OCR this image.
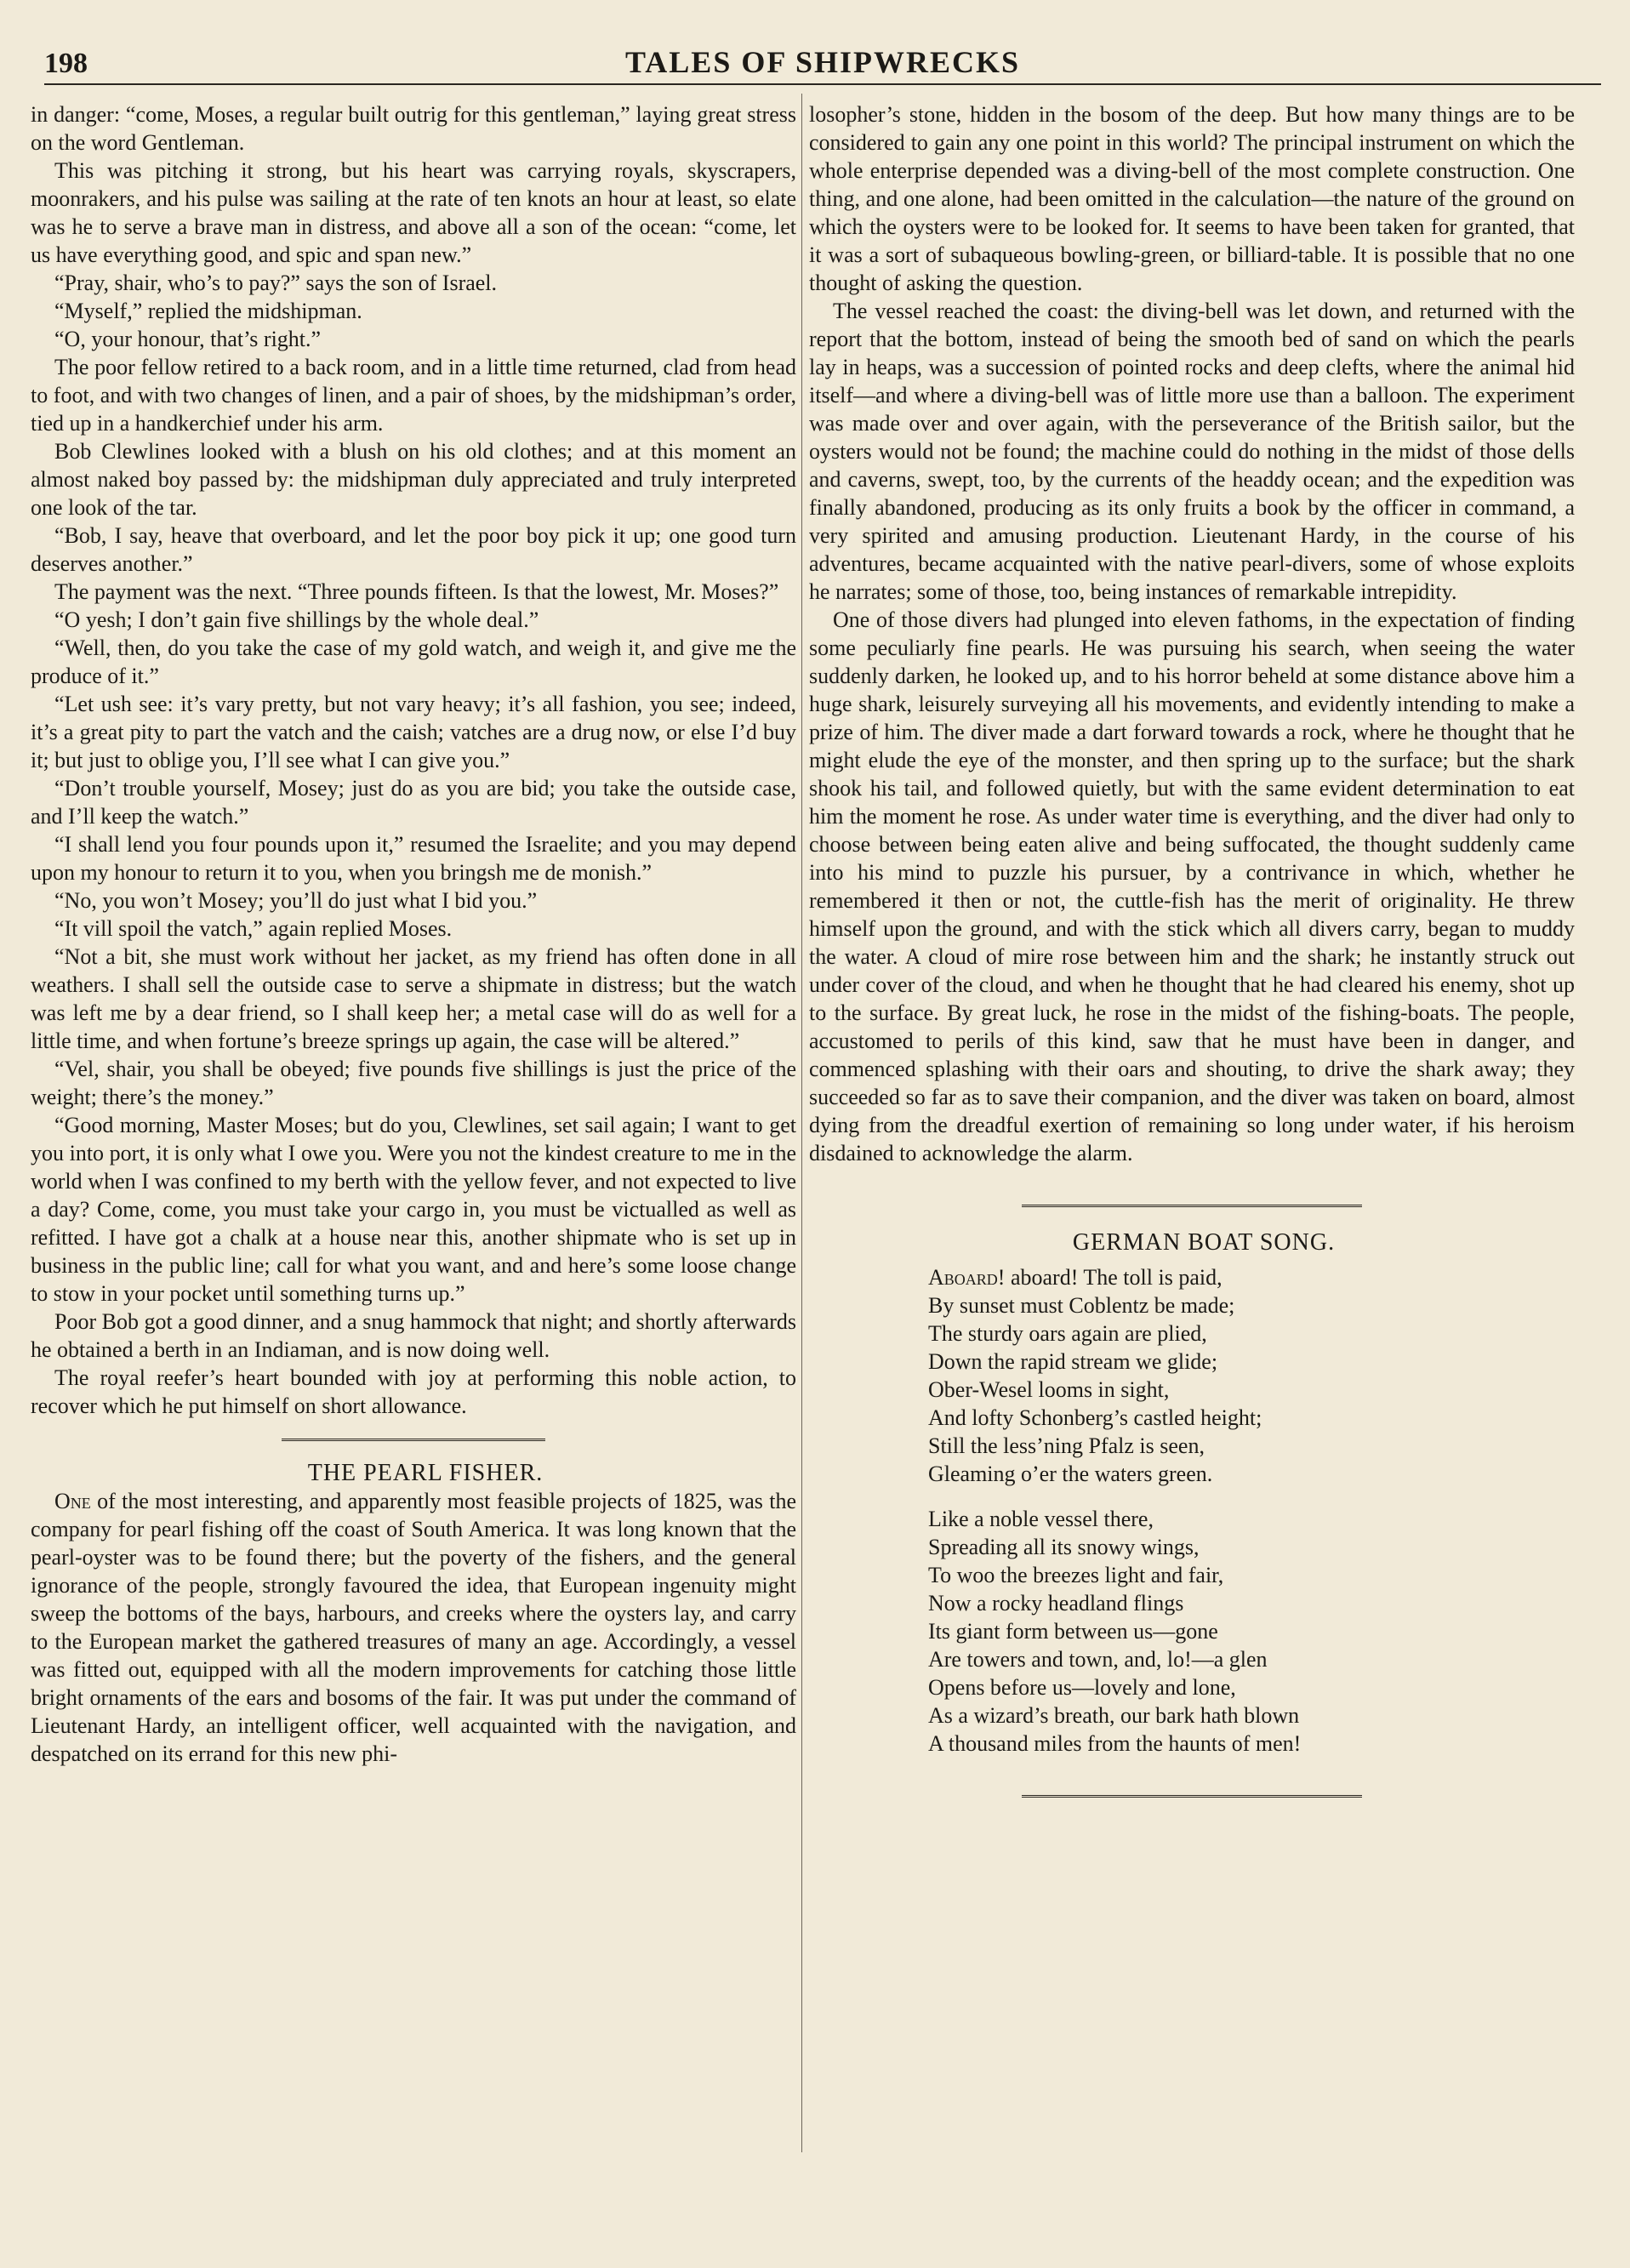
198	TALES OF SHIPWRECKS

in danger: “come, Moses, a regular built outrig for this gentleman,” laying great stress on the word Gentleman.

This was pitching it strong, but his heart was carrying royals, skyscrapers, moonrakers, and his pulse was sailing at the rate of ten knots an hour at least, so elate was he to serve a brave man in distress, and above all a son of the ocean: “come, let us have everything good, and spic and span new.”

“Pray, shair, who’s to pay?” says the son of Israel.

“Myself,” replied the midshipman.

“O, your honour, that’s right.”

The poor fellow retired to a back room, and in a little time returned, clad from head to foot, and with two changes of linen, and a pair of shoes, by the midshipman’s order, tied up in a handkerchief under his arm.

Bob Clewlines looked with a blush on his old clothes; and at this moment an almost naked boy passed by: the midshipman duly appreciated and truly interpreted one look of the tar.

“Bob, I say, heave that overboard, and let the poor boy pick it up; one good turn deserves another.”

The payment was the next. “Three pounds fifteen. Is that the lowest, Mr. Moses?”

“O yesh; I don’t gain five shillings by the whole deal.”

“Well, then, do you take the case of my gold watch, and weigh it, and give me the produce of it.”

“Let ush see: it’s vary pretty, but not vary heavy; it’s all fashion, you see; indeed, it’s a great pity to part the vatch and the caish; vatches are a drug now, or else I’d buy it; but just to oblige you, I’ll see what I can give you.”

“Don’t trouble yourself, Mosey; just do as you are bid; you take the outside case, and I’ll keep the watch.”

“I shall lend you four pounds upon it,” resumed the Israelite; and you may depend upon my honour to return it to you, when you bringsh me de monish.”

“No, you won’t Mosey; you’ll do just what I bid you.”

“It vill spoil the vatch,” again replied Moses.

“Not a bit, she must work without her jacket, as my friend has often done in all weathers. I shall sell the outside case to serve a shipmate in distress; but the watch was left me by a dear friend, so I shall keep her; a metal case will do as well for a little time, and when fortune’s breeze springs up again, the case will be altered.”

“Vel, shair, you shall be obeyed; five pounds five shillings is just the price of the weight; there’s the money.”

“Good morning, Master Moses; but do you, Clewlines, set sail again; I want to get you into port, it is only what I owe you. Were you not the kindest creature to me in the world when I was confined to my berth with the yellow fever, and not expected to live a day? Come, come, you must take your cargo in, you must be victualled as well as refitted. I have got a chalk at a house near this, another shipmate who is set up in business in the public line; call for what you want, and and here’s some loose change to stow in your pocket until something turns up.”

Poor Bob got a good dinner, and a snug hammock that night; and shortly afterwards he obtained a berth in an Indiaman, and is now doing well.

The royal reefer’s heart bounded with joy at performing this noble action, to recover which he put himself on short allowance.

THE PEARL FISHER.

One of the most interesting, and apparently most feasible projects of 1825, was the company for pearl fishing off the coast of South America. It was long known that the pearl-oyster was to be found there; but the poverty of the fishers, and the general ignorance of the people, strongly favoured the idea, that European ingenuity might sweep the bottoms of the bays, harbours, and creeks where the oysters lay, and carry to the European market the gathered treasures of many an age. Accordingly, a vessel was fitted out, equipped with all the modern improvements for catching those little bright ornaments of the ears and bosoms of the fair. It was put under the command of Lieutenant Hardy, an intelligent officer, well acquainted with the navigation, and despatched on its errand for this new phi-

losopher’s stone, hidden in the bosom of the deep. But how many things are to be considered to gain any one point in this world? The principal instrument on which the whole enterprise depended was a diving-bell of the most complete construction. One thing, and one alone, had been omitted in the calculation—the nature of the ground on which the oysters were to be looked for. It seems to have been taken for granted, that it was a sort of subaqueous bowling-green, or billiard-table. It is possible that no one thought of asking the question.

The vessel reached the coast: the diving-bell was let down, and returned with the report that the bottom, instead of being the smooth bed of sand on which the pearls lay in heaps, was a succession of pointed rocks and deep clefts, where the animal hid itself—and where a diving-bell was of little more use than a balloon. The experiment was made over and over again, with the perseverance of the British sailor, but the oysters would not be found; the machine could do nothing in the midst of those dells and caverns, swept, too, by the currents of the headdy ocean; and the expedition was finally abandoned, producing as its only fruits a book by the officer in command, a very spirited and amusing production. Lieutenant Hardy, in the course of his adventures, became acquainted with the native pearl-divers, some of whose exploits he narrates; some of those, too, being instances of remarkable intrepidity.

One of those divers had plunged into eleven fathoms, in the expectation of finding some peculiarly fine pearls. He was pursuing his search, when seeing the water suddenly darken, he looked up, and to his horror beheld at some distance above him a huge shark, leisurely surveying all his movements, and evidently intending to make a prize of him. The diver made a dart forward towards a rock, where he thought that he might elude the eye of the monster, and then spring up to the surface; but the shark shook his tail, and followed quietly, but with the same evident determination to eat him the moment he rose. As under water time is everything, and the diver had only to choose between being eaten alive and being suffocated, the thought suddenly came into his mind to puzzle his pursuer, by a contrivance in which, whether he remembered it then or not, the cuttle-fish has the merit of originality. He threw himself upon the ground, and with the stick which all divers carry, began to muddy the water. A cloud of mire rose between him and the shark; he instantly struck out under cover of the cloud, and when he thought that he had cleared his enemy, shot up to the surface. By great luck, he rose in the midst of the fishing-boats. The people, accustomed to perils of this kind, saw that he must have been in danger, and commenced splashing with their oars and shouting, to drive the shark away; they succeeded so far as to save their companion, and the diver was taken on board, almost dying from the dreadful exertion of remaining so long under water, if his heroism disdained to acknowledge the alarm.

GERMAN BOAT SONG.

Aboard! aboard! The toll is paid,
By sunset must Coblentz be made;
The sturdy oars again are plied,
Down the rapid stream we glide;
Ober-Wesel looms in sight,
And lofty Schonberg’s castled height;
Still the less’ning Pfalz is seen,
Gleaming o’er the waters green.
Like a noble vessel there,
Spreading all its snowy wings,
To woo the breezes light and fair,
Now a rocky headland flings
Its giant form between us—gone
Are towers and town, and, lo!—a glen
Opens before us—lovely and lone,
As a wizard’s breath, our bark hath blown
A thousand miles from the haunts of men!
